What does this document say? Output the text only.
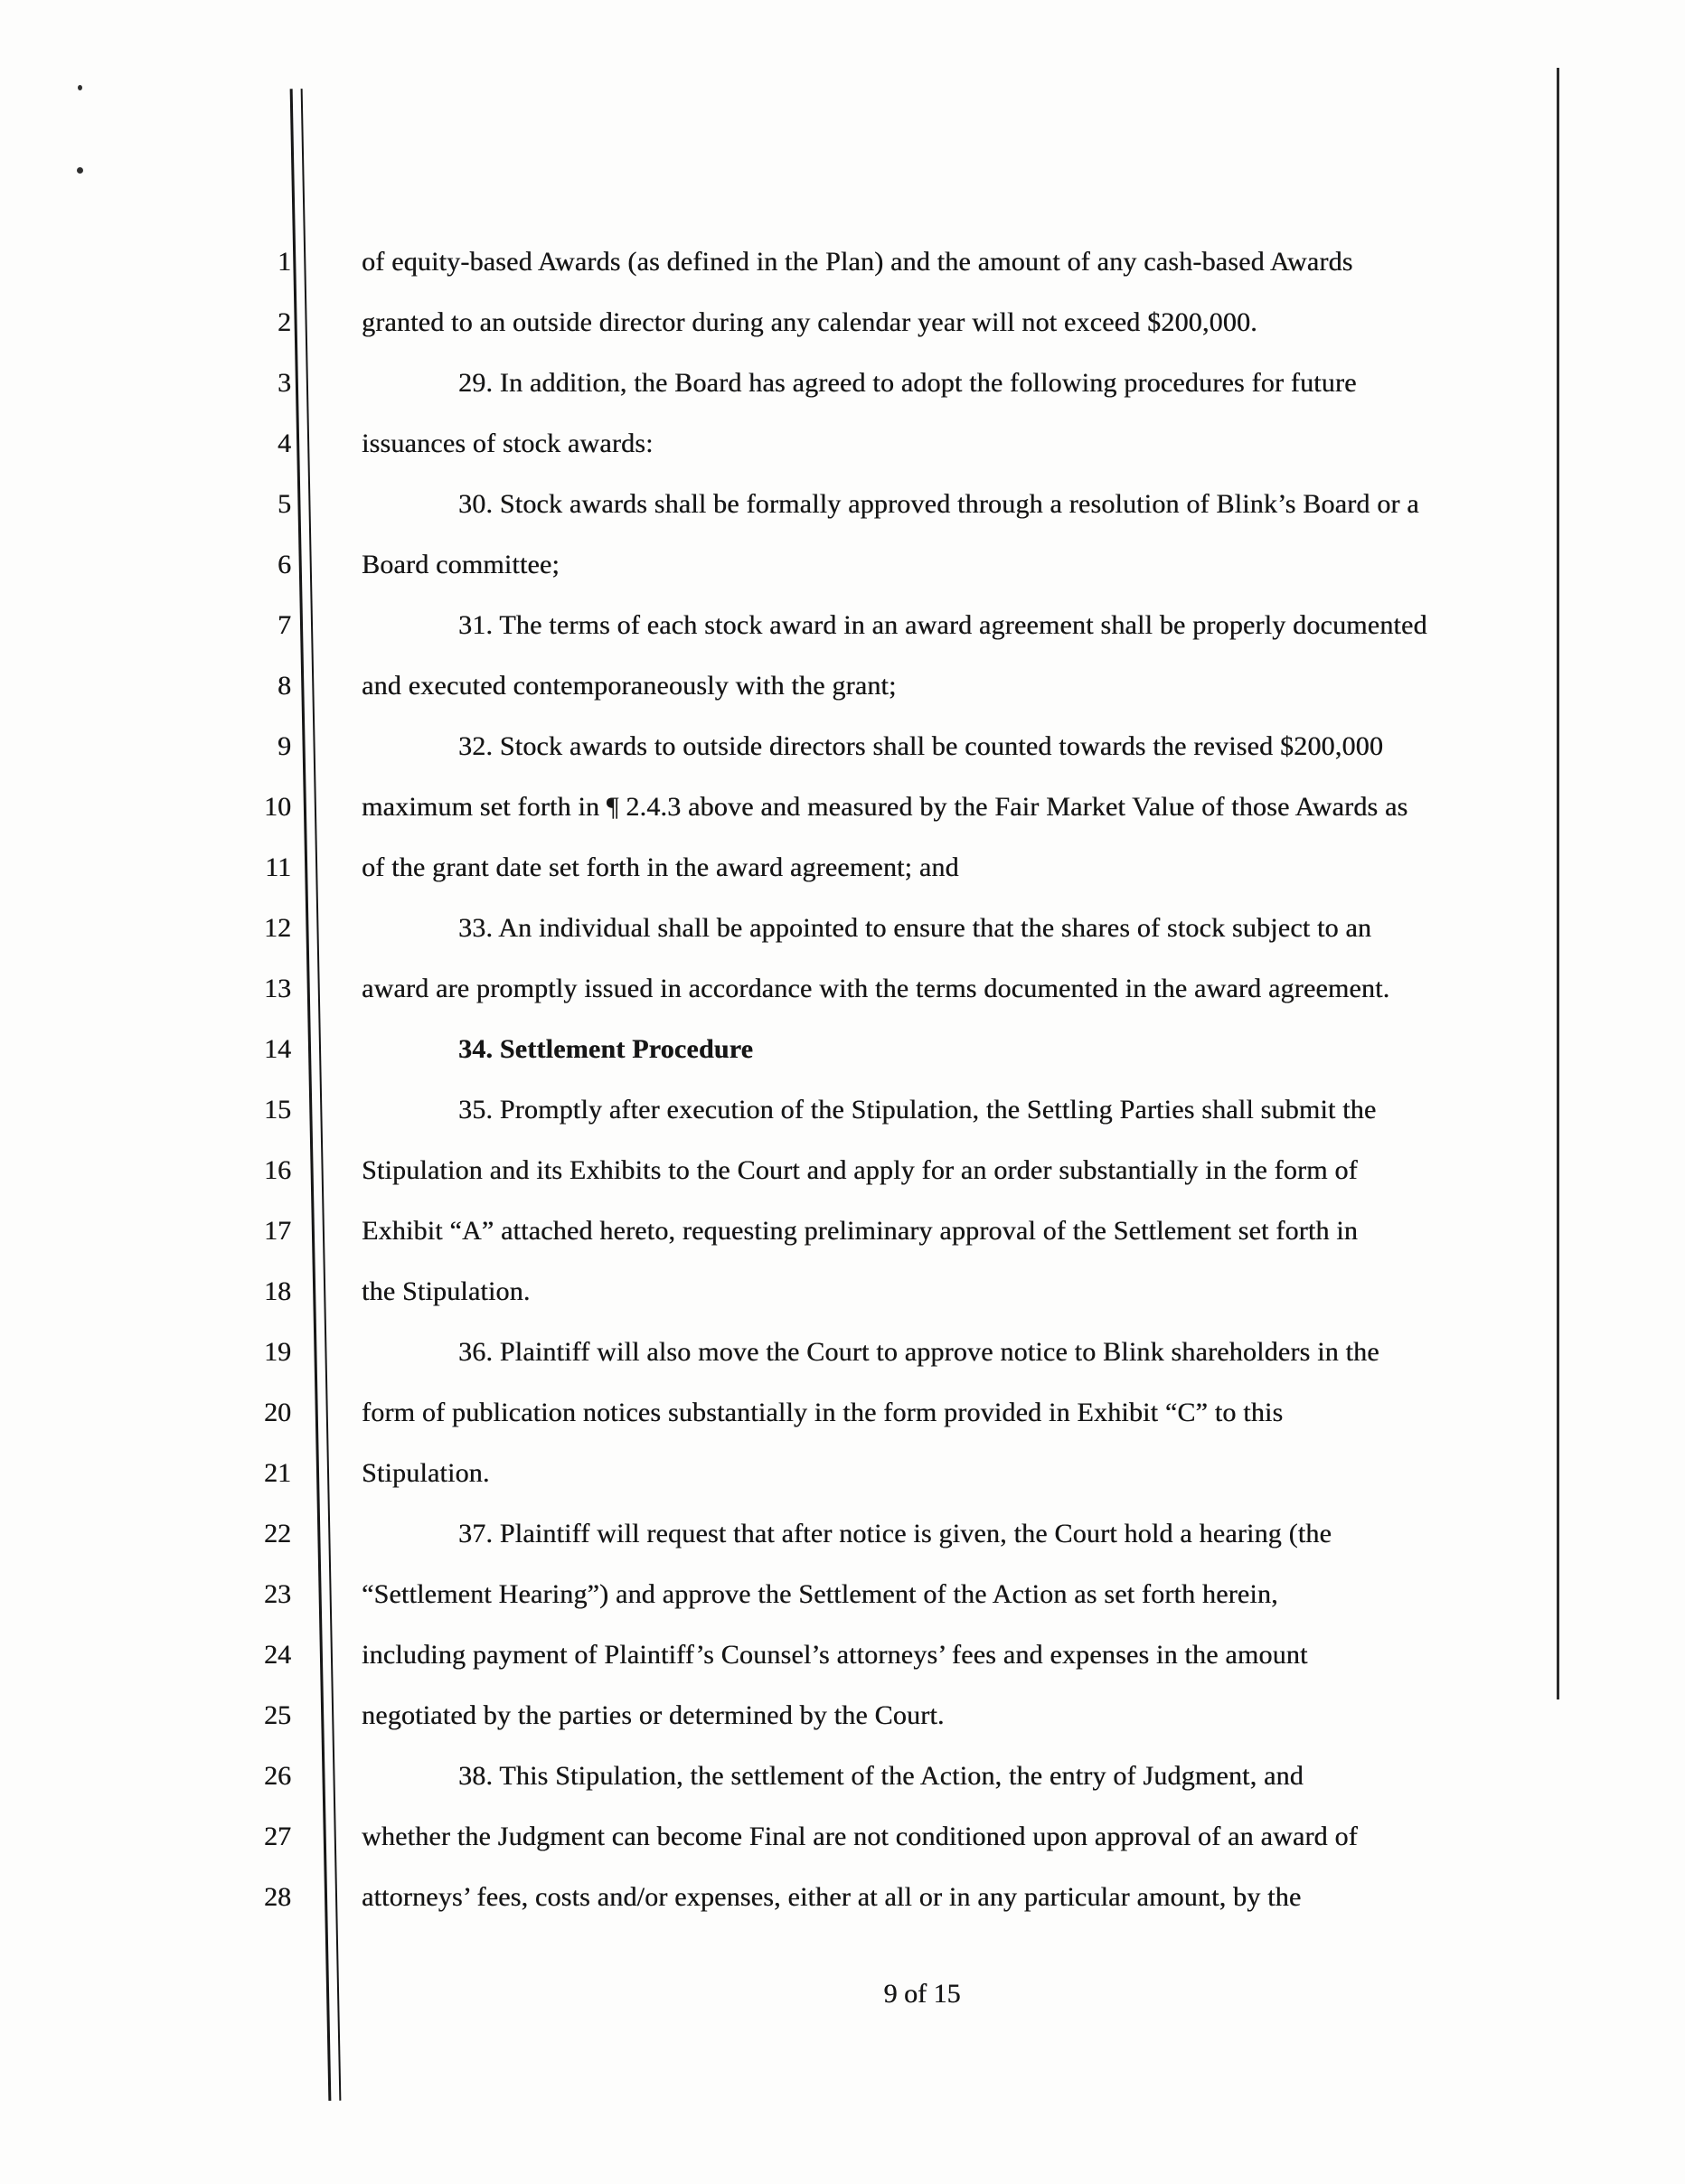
1
2
3
4
5
6
7
8
9
10
11
12
13
14
15
16
17
18
19
20
21
22
23
24
25
26
27
28
of equity-based Awards (as defined in the Plan) and the amount of any cash-based Awards
granted to an outside director during any calendar year will not exceed $200,000.
29. In addition, the Board has agreed to adopt the following procedures for future
issuances of stock awards:
30. Stock awards shall be formally approved through a resolution of Blink’s Board or a
Board committee;
31. The terms of each stock award in an award agreement shall be properly documented
and executed contemporaneously with the grant;
32. Stock awards to outside directors shall be counted towards the revised $200,000
maximum set forth in ¶ 2.4.3 above and measured by the Fair Market Value of those Awards as
of the grant date set forth in the award agreement; and
33. An individual shall be appointed to ensure that the shares of stock subject to an
award are promptly issued in accordance with the terms documented in the award agreement.
34. Settlement Procedure
35. Promptly after execution of the Stipulation, the Settling Parties shall submit the
Stipulation and its Exhibits to the Court and apply for an order substantially in the form of
Exhibit “A” attached hereto, requesting preliminary approval of the Settlement set forth in
the Stipulation.
36. Plaintiff will also move the Court to approve notice to Blink shareholders in the
form of publication notices substantially in the form provided in Exhibit “C” to this
Stipulation.
37. Plaintiff will request that after notice is given, the Court hold a hearing (the
“Settlement Hearing”) and approve the Settlement of the Action as set forth herein,
including payment of Plaintiff’s Counsel’s attorneys’ fees and expenses in the amount
negotiated by the parties or determined by the Court.
38. This Stipulation, the settlement of the Action, the entry of Judgment, and
whether the Judgment can become Final are not conditioned upon approval of an award of
attorneys’ fees, costs and/or expenses, either at all or in any particular amount, by the
9 of 15
